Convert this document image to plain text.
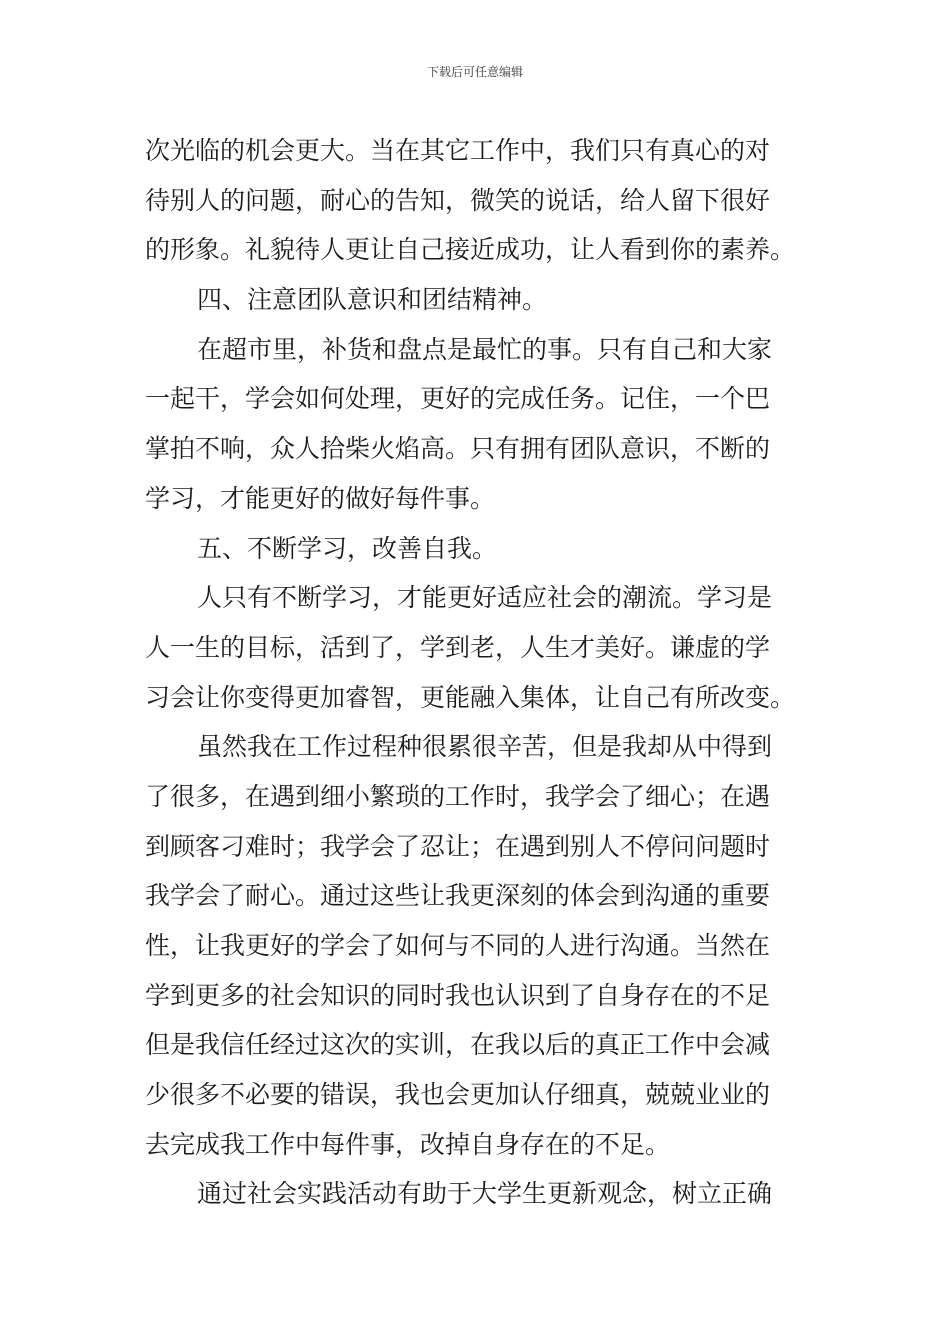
下载后可任意编辑
次光临的机会更大。当在其它工作中，我们只有真心的对
待别人的问题，耐心的告知，微笑的说话，给人留下很好
的形象。礼貌待人更让自己接近成功，让人看到你的素养。
四、注意团队意识和团结精神。
在超市里，补货和盘点是最忙的事。只有自己和大家
一起干，学会如何处理，更好的完成任务。记住，一个巴
掌拍不响，众人拾柴火焰高。只有拥有团队意识，不断的
学习，才能更好的做好每件事。
五、不断学习，改善自我。
人只有不断学习，才能更好适应社会的潮流。学习是
人一生的目标，活到了，学到老，人生才美好。谦虚的学
习会让你变得更加睿智，更能融入集体，让自己有所改变。
虽然我在工作过程种很累很辛苦，但是我却从中得到
了很多，在遇到细小繁琐的工作时，我学会了细心；在遇
到顾客刁难时；我学会了忍让；在遇到别人不停问问题时
我学会了耐心。通过这些让我更深刻的体会到沟通的重要
性，让我更好的学会了如何与不同的人进行沟通。当然在
学到更多的社会知识的同时我也认识到了自身存在的不足
但是我信任经过这次的实训，在我以后的真正工作中会减
少很多不必要的错误，我也会更加认仔细真，兢兢业业的
去完成我工作中每件事，改掉自身存在的不足。
通过社会实践活动有助于大学生更新观念，树立正确
